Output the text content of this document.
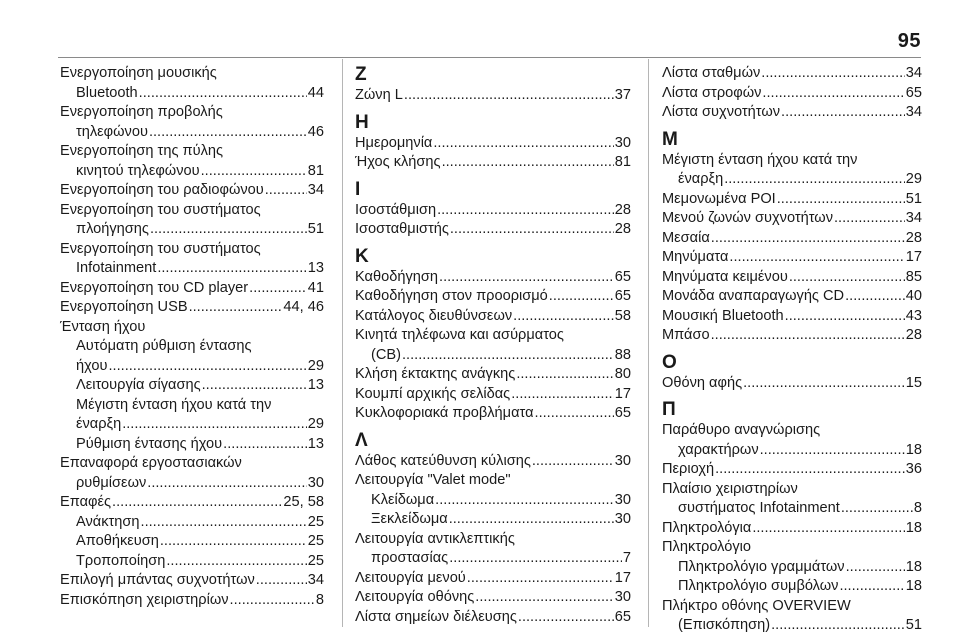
95
Ενεργοποίηση μουσικής
Bluetooth .....	44
Ενεργοποίηση προβολής
τηλεφώνου .....	46
Ενεργοποίηση της πύλης
κινητού τηλεφώνου .....	81
Ενεργοποίηση του ραδιοφώνου .....	34
Ενεργοποίηση του συστήματος
πλοήγησης .....	51
Ενεργοποίηση του συστήματος
Infotainment .....	13
Ενεργοποίηση του CD player .....	41
Ενεργοποίηση USB .....	44, 46
Ένταση ήχου
Αυτόματη ρύθμιση έντασης
ήχου .....	29
Λειτουργία σίγασης .....	13
Μέγιστη ένταση ήχου κατά την
έναρξη .....	29
Ρύθμιση έντασης ήχου .....	13
Επαναφορά εργοστασιακών
ρυθμίσεων .....	30
Επαφές .....	25, 58
Ανάκτηση .....	25
Αποθήκευση .....	25
Τροποποίηση .....	25
Επιλογή μπάντας συχνοτήτων .....	34
Επισκόπηση χειριστηρίων .....	8
Ζ
Ζώνη L .....	37
Η
Ημερομηνία .....	30
Ήχος κλήσης .....	81
Ι
Ισοστάθμιση .....	28
Ισοσταθμιστής .....	28
Κ
Καθοδήγηση .....	65
Καθοδήγηση στον προορισμό .....	65
Κατάλογος διευθύνσεων .....	58
Κινητά τηλέφωνα και ασύρματος
(CB) .....	88
Κλήση έκτακτης ανάγκης .....	80
Κουμπί αρχικής σελίδας .....	17
Κυκλοφοριακά προβλήματα .....	65
Λ
Λάθος κατεύθυνση κύλισης .....	30
Λειτουργία "Valet mode"
Κλείδωμα .....	30
Ξεκλείδωμα .....	30
Λειτουργία αντικλεπτικής
προστασίας .....	7
Λειτουργία μενού .....	17
Λειτουργία οθόνης .....	30
Λίστα σημείων διέλευσης .....	65
Λίστα σταθμών .....	34
Λίστα στροφών .....	65
Λίστα συχνοτήτων .....	34
Μ
Μέγιστη ένταση ήχου κατά την
έναρξη .....	29
Μεμονωμένα POI .....	51
Μενού ζωνών συχνοτήτων .....	34
Μεσαία .....	28
Μηνύματα .....	17
Μηνύματα κειμένου .....	85
Μονάδα αναπαραγωγής CD .....	40
Μουσική Bluetooth .....	43
Μπάσο .....	28
Ο
Οθόνη αφής .....	15
Π
Παράθυρο αναγνώρισης
χαρακτήρων .....	18
Περιοχή .....	36
Πλαίσιο χειριστηρίων
συστήματος Infotainment .....	8
Πληκτρολόγια .....	18
Πληκτρολόγιο
Πληκτρολόγιο γραμμάτων .....	18
Πληκτρολόγιο συμβόλων .....	18
Πλήκτρο οθόνης OVERVIEW
(Επισκόπηση) .....	51
